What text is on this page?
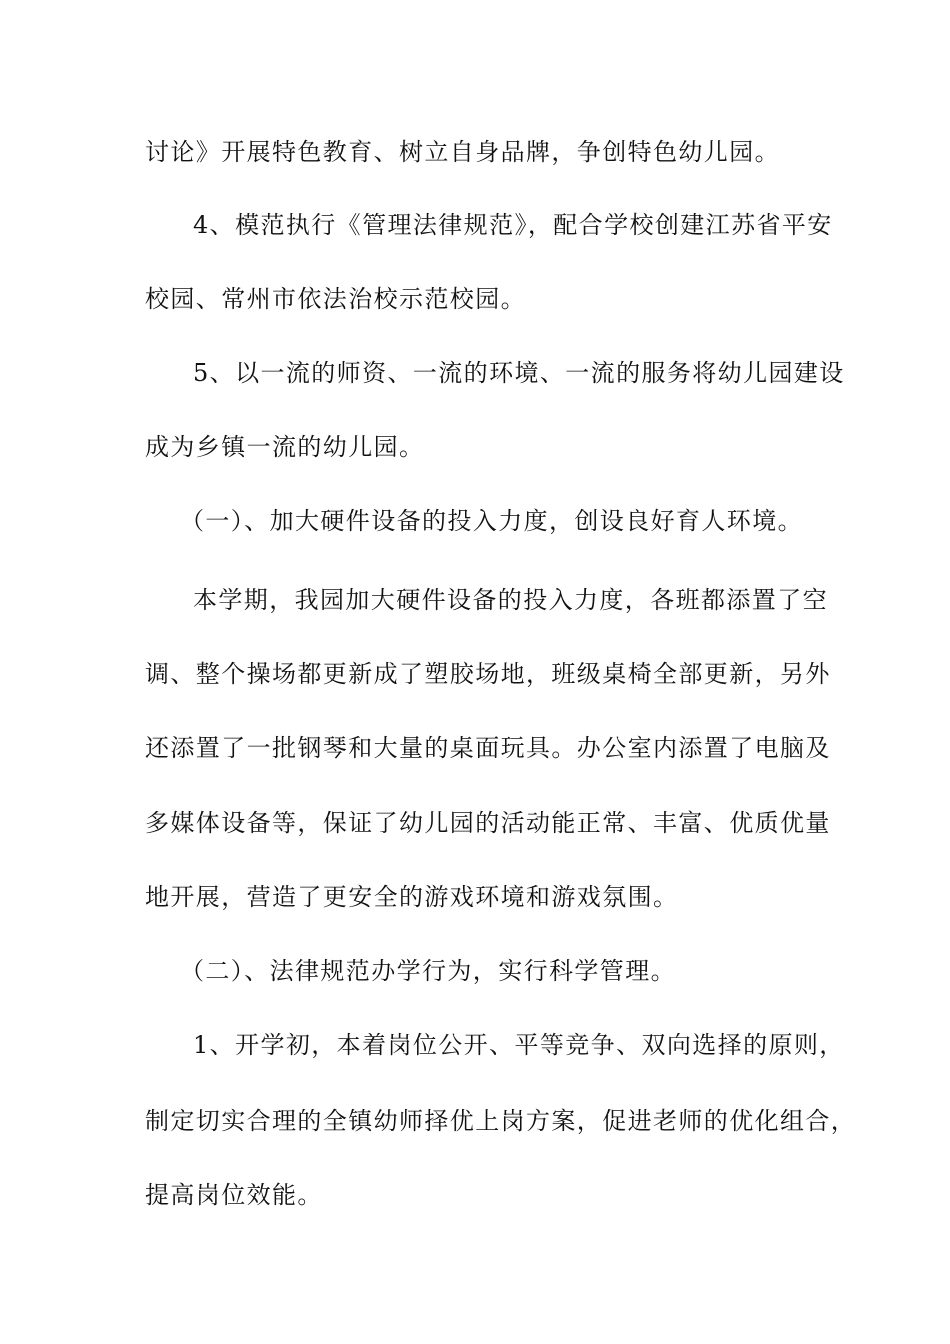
讨论》开展特色教育、树立自身品牌，争创特色幼儿园。
4、模范执行《管理法律规范》，配合学校创建江苏省平安
校园、常州市依法治校示范校园。
5、以一流的师资、一流的环境、一流的服务将幼儿园建设
成为乡镇一流的幼儿园。
（一）、加大硬件设备的投入力度，创设良好育人环境。
本学期，我园加大硬件设备的投入力度，各班都添置了空
调、整个操场都更新成了塑胶场地，班级桌椅全部更新，另外
还添置了一批钢琴和大量的桌面玩具。办公室内添置了电脑及
多媒体设备等，保证了幼儿园的活动能正常、丰富、优质优量
地开展，营造了更安全的游戏环境和游戏氛围。
（二）、法律规范办学行为，实行科学管理。
1、开学初，本着岗位公开、平等竞争、双向选择的原则，
制定切实合理的全镇幼师择优上岗方案，促进老师的优化组合，
提高岗位效能。
